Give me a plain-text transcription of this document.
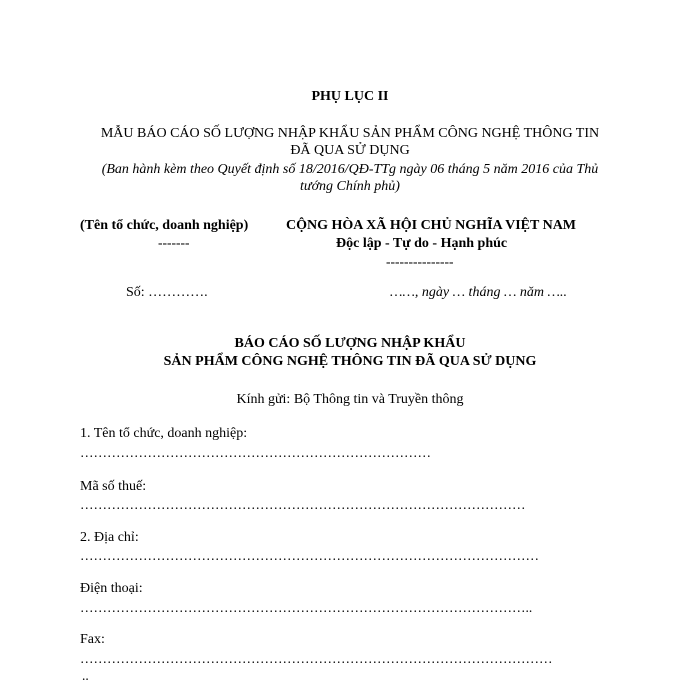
PHỤ LỤC II
MẪU BÁO CÁO SỐ LƯỢNG NHẬP KHẨU SẢN PHẨM CÔNG NGHỆ THÔNG TIN
ĐÃ QUA SỬ DỤNG
(Ban hành kèm theo Quyết định số 18/2016/QĐ-TTg ngày 06 tháng 5 năm 2016 của Thủ
tướng Chính phủ)
(Tên tổ chức, doanh nghiệp)
-------
CỘNG HÒA XÃ HỘI CHỦ NGHĨA VIỆT NAM
Độc lập - Tự do - Hạnh phúc
---------------
Số: ………….	……, ngày … tháng … năm …..
BÁO CÁO SỐ LƯỢNG NHẬP KHẨU
SẢN PHẨM CÔNG NGHỆ THÔNG TIN ĐÃ QUA SỬ DỤNG
Kính gửi: Bộ Thông tin và Truyền thông
1. Tên tổ chức, doanh nghiệp:
……………………………………………………………………
Mã số thuế:
………………………………………………………………………………………
2. Địa chỉ:
…………………………………………………………………………………………
Điện thoại:
………………………………………………………………………………………..
Fax:
……………………………………………………………………………………………
..
